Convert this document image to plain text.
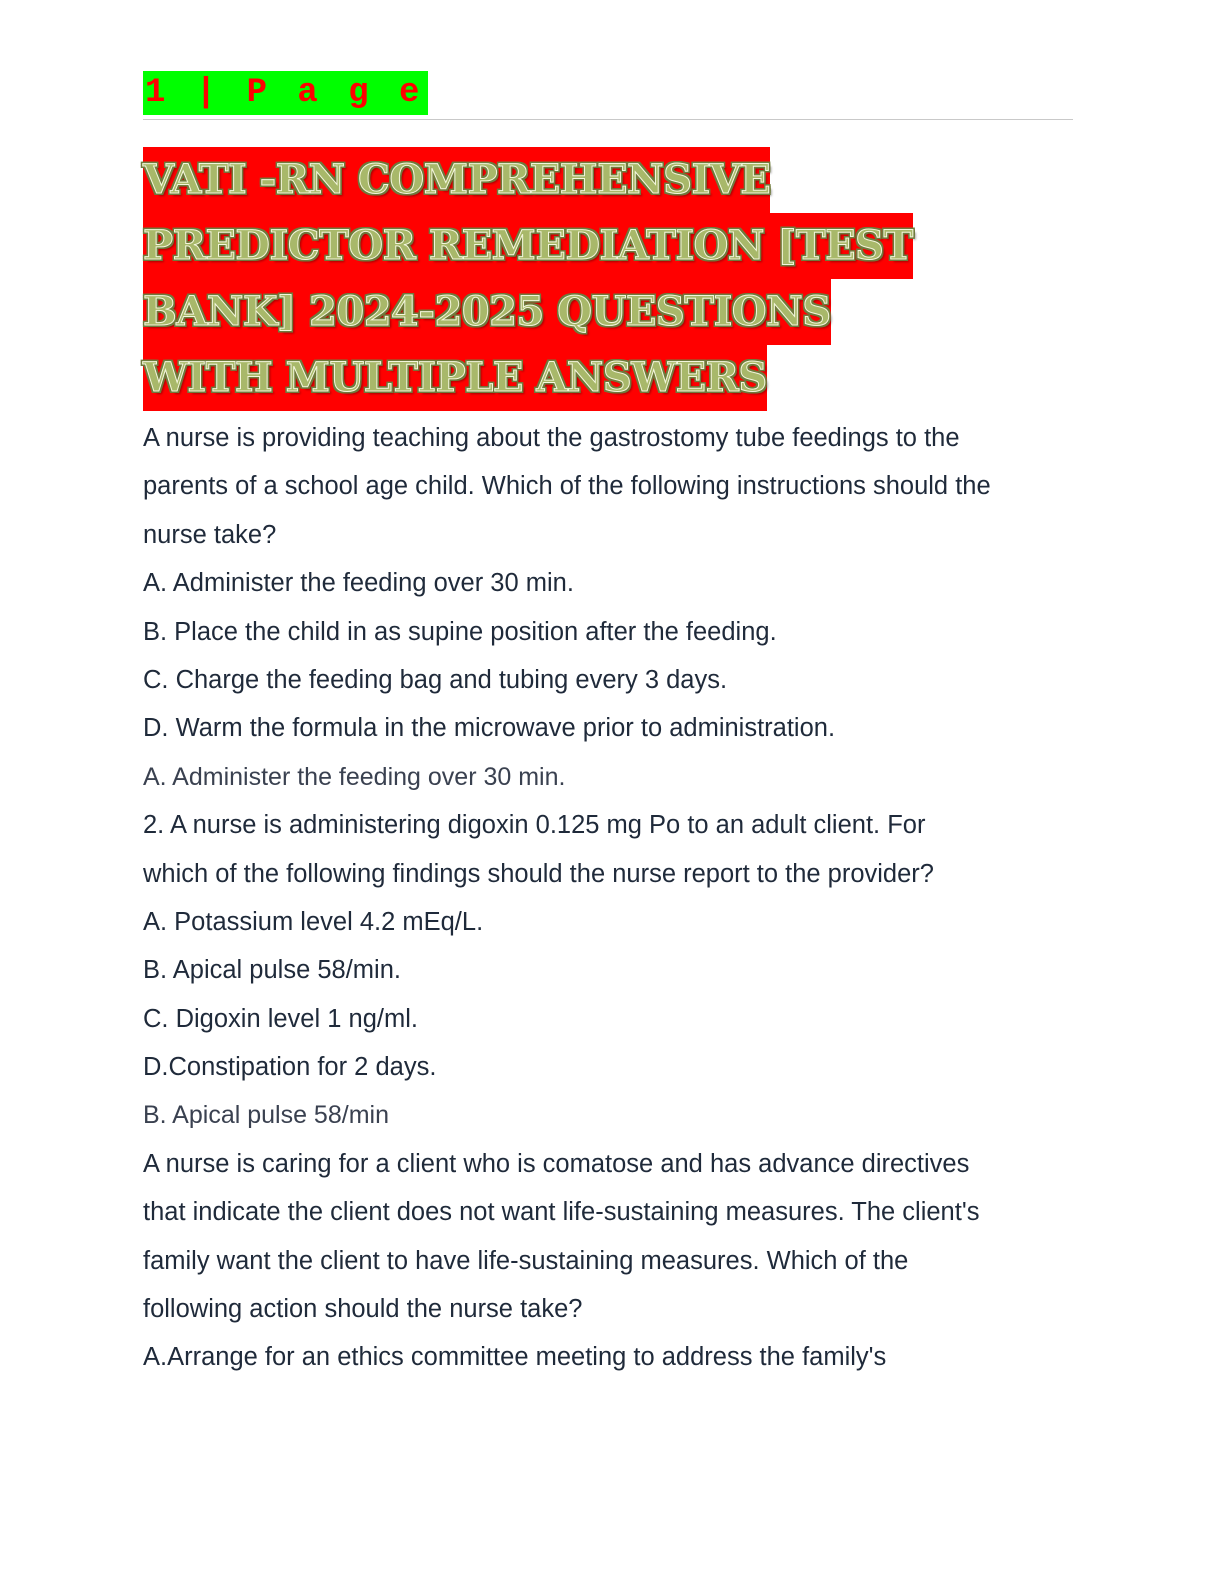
1 | P a g e
VATI -RN COMPREHENSIVE
PREDICTOR REMEDIATION [TEST
BANK] 2024-2025 QUESTIONS
WITH MULTIPLE ANSWERS
A nurse is providing teaching about the gastrostomy tube feedings to the
parents of a school age child. Which of the following instructions should the
nurse take?
A. Administer the feeding over 30 min.
B. Place the child in as supine position after the feeding.
C. Charge the feeding bag and tubing every 3 days.
D. Warm the formula in the microwave prior to administration.
A. Administer the feeding over 30 min.
2. A nurse is administering digoxin 0.125 mg Po to an adult client. For
which of the following findings should the nurse report to the provider?
A. Potassium level 4.2 mEq/L.
B. Apical pulse 58/min.
C. Digoxin level 1 ng/ml.
D.Constipation for 2 days.
B. Apical pulse 58/min
A nurse is caring for a client who is comatose and has advance directives
that indicate the client does not want life-sustaining measures. The client's
family want the client to have life-sustaining measures. Which of the
following action should the nurse take?
A.Arrange for an ethics committee meeting to address the family's
